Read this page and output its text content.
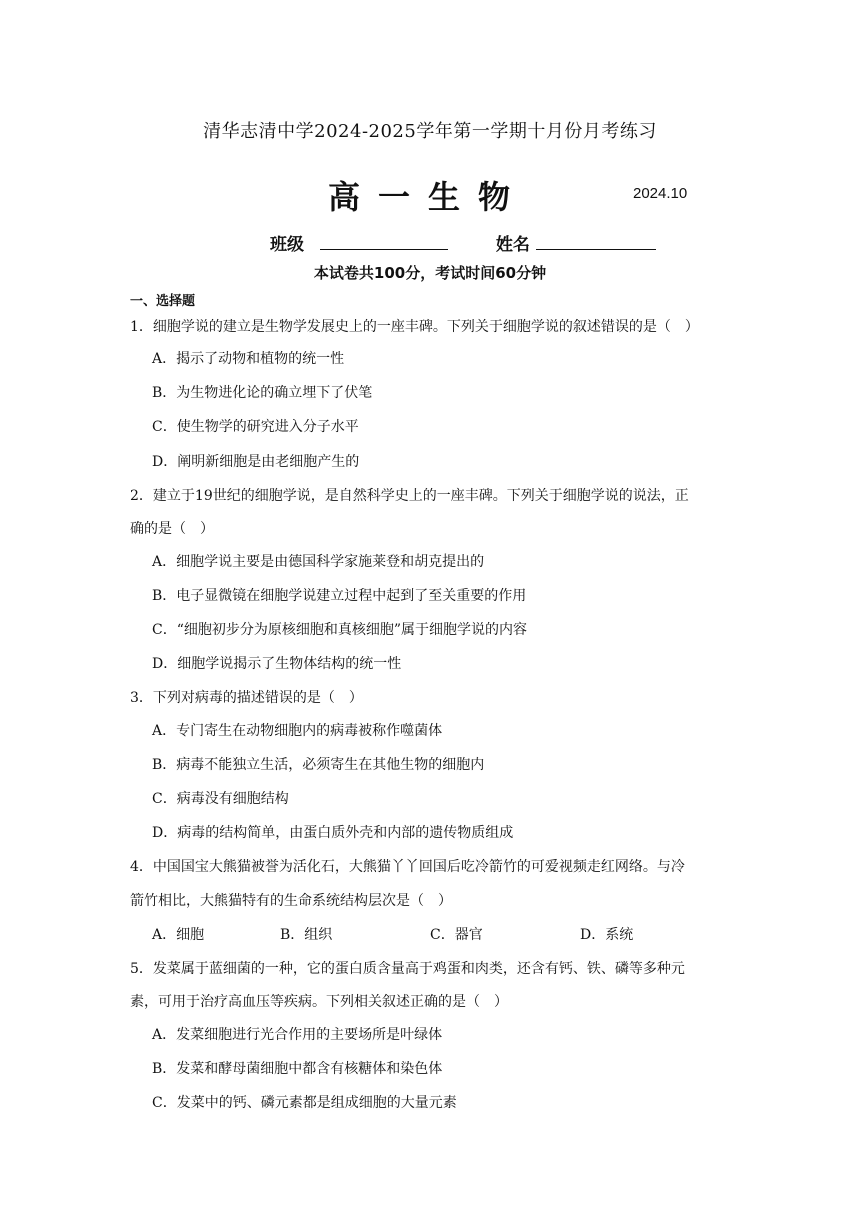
清华志清中学2024-2025学年第一学期十月份月考练习
高一生物	2024.10
班级	姓名
本试卷共100分，考试时间60分钟
一、选择题
1．细胞学说的建立是生物学发展史上的一座丰碑。下列关于细胞学说的叙述错误的是（　）
A．揭示了动物和植物的统一性
B．为生物进化论的确立埋下了伏笔
C．使生物学的研究进入分子水平
D．阐明新细胞是由老细胞产生的
2．建立于19世纪的细胞学说，是自然科学史上的一座丰碑。下列关于细胞学说的说法，正
确的是（　）
A．细胞学说主要是由德国科学家施莱登和胡克提出的
B．电子显微镜在细胞学说建立过程中起到了至关重要的作用
C．“细胞初步分为原核细胞和真核细胞”属于细胞学说的内容
D．细胞学说揭示了生物体结构的统一性
3．下列对病毒的描述错误的是（　）
A．专门寄生在动物细胞内的病毒被称作噬菌体
B．病毒不能独立生活，必须寄生在其他生物的细胞内
C．病毒没有细胞结构
D．病毒的结构简单，由蛋白质外壳和内部的遗传物质组成
4．中国国宝大熊猫被誉为活化石，大熊猫丫丫回国后吃冷箭竹的可爱视频走红网络。与冷
箭竹相比，大熊猫特有的生命系统结构层次是（　）
A．细胞	B．组织	C．器官	D．系统
5．发菜属于蓝细菌的一种，它的蛋白质含量高于鸡蛋和肉类，还含有钙、铁、磷等多种元
素，可用于治疗高血压等疾病。下列相关叙述正确的是（　）
A．发菜细胞进行光合作用的主要场所是叶绿体
B．发菜和酵母菌细胞中都含有核糖体和染色体
C．发菜中的钙、磷元素都是组成细胞的大量元素
